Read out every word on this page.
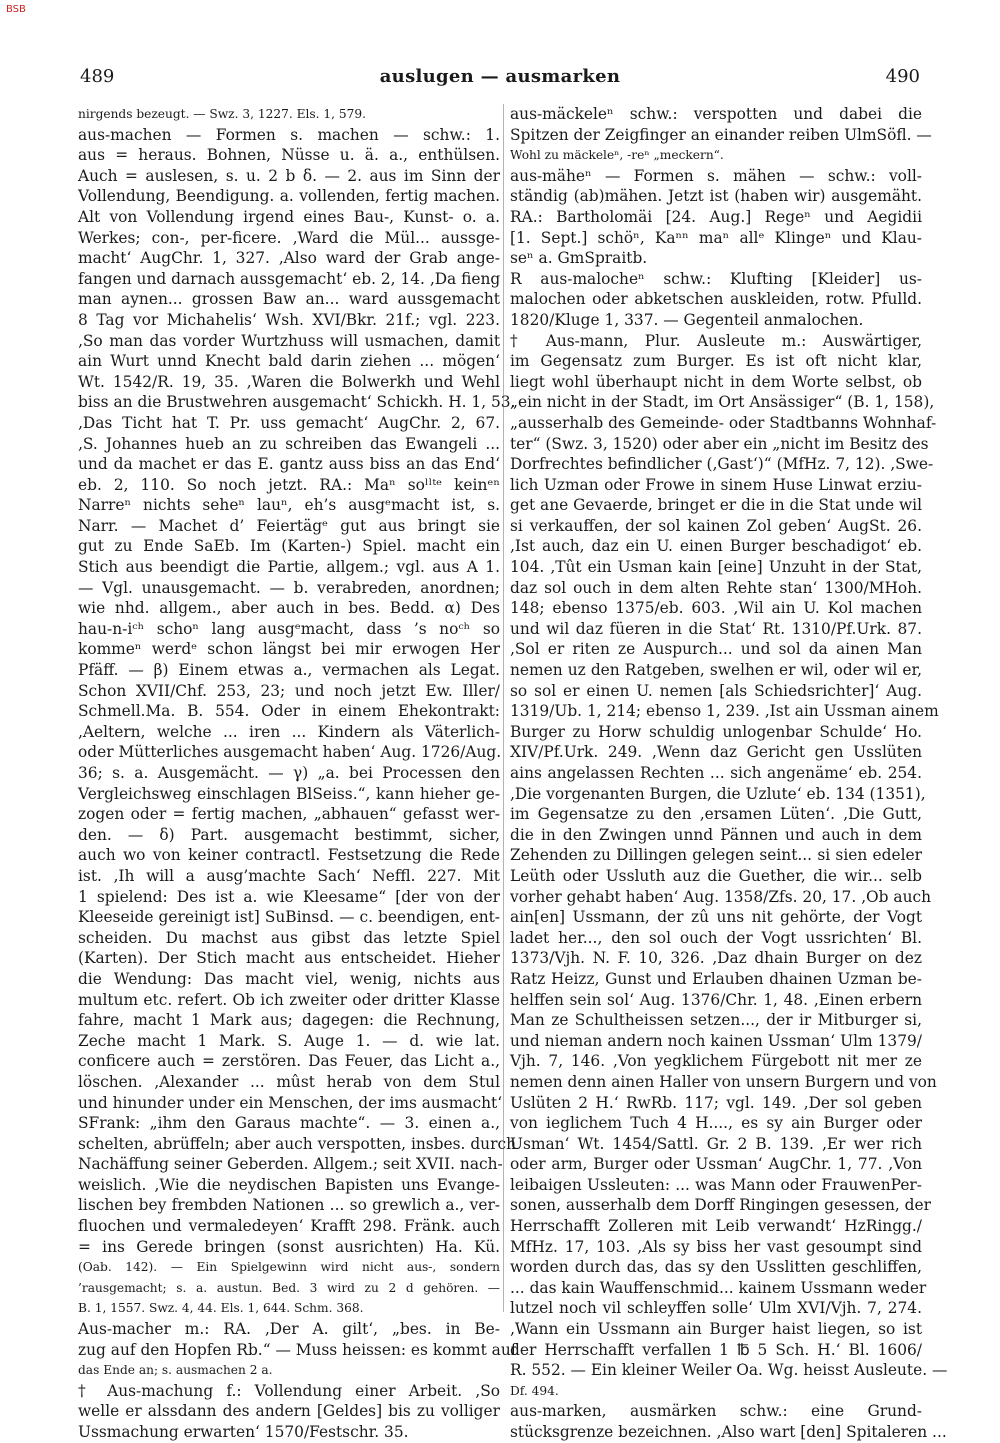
BSB
489	auslugen — ausmarken	490
nirgends bezeugt. — Swz. 3, 1227. Els. 1, 579.
aus-machen — Formen s. machen — schw.: 1.
aus = heraus. Bohnen, Nüsse u. ä. a., enthülsen.
Auch = auslesen, s. u. 2 b ẟ. — 2. aus im Sinn der
Vollendung, Beendigung. a. vollenden, fertig machen.
Alt von Vollendung irgend eines Bau-, Kunst- o. a.
Werkes; con-, per-ficere. ‚Ward die Mül... aussge-
macht‘ AugChr. 1, 327. ‚Also ward der Grab ange-
fangen und darnach aussgemacht‘ eb. 2, 14. ‚Da fieng
man aynen... grossen Baw an... ward aussgemacht
8 Tag vor Michahelis‘ Wsh. XVI/Bkr. 21f.; vgl. 223.
‚So man das vorder Wurtzhuss will usmachen, damit
ain Wurt unnd Knecht bald darin ziehen ... mögen‘
Wt. 1542/R. 19, 35. ‚Waren die Bolwerkh und Wehl
biss an die Brustwehren ausgemacht‘ Schickh. H. 1, 53.
‚Das Ticht hat T. Pr. uss gemacht‘ AugChr. 2, 67.
‚S. Johannes hueb an zu schreiben das Ewangeli ...
und da machet er das E. gantz auss biss an das End‘
eb. 2, 110. So noch jetzt. RA.: Maⁿ soˡˡᵗᵉ keinᵉⁿ
Narreⁿ nichts seheⁿ lauⁿ, eh’s ausgᵉmacht ist, s.
Narr. — Machet d’ Feiertägᵉ gut aus bringt sie
gut zu Ende SaEb. Im (Karten-) Spiel. macht ein
Stich aus beendigt die Partie, allgem.; vgl. aus A 1.
— Vgl. unausgemacht. — b. verabreden, anordnen;
wie nhd. allgem., aber auch in bes. Bedd. α) Des
hau-n-iᶜʰ schoⁿ lang ausgᵉmacht, dass ’s noᶜʰ so
kommeⁿ werdᵉ schon längst bei mir erwogen Her
Pfäff. — β) Einem etwas a., vermachen als Legat.
Schon XVII/Chf. 253, 23; und noch jetzt Ew. Iller/
Schmell.Ma. B. 554. Oder in einem Ehekontrakt:
‚Aeltern, welche ... iren ... Kindern als Väterlich-
oder Mütterliches ausgemacht haben‘ Aug. 1726/Aug.
36; s. a. Ausgemächt. — γ) „a. bei Processen den
Vergleichsweg einschlagen BlSeiss.“, kann hieher ge-
zogen oder = fertig machen, „abhauen“ gefasst wer-
den. — ẟ) Part. ausgemacht bestimmt, sicher,
auch wo von keiner contractl. Festsetzung die Rede
ist. ‚Ih will a ausg’machte Sach‘ Neffl. 227. Mit
1 spielend: Des ist a. wie Kleesame“ [der von der
Kleeseide gereinigt ist] SuBinsd. — c. beendigen, ent-
scheiden. Du machst aus gibst das letzte Spiel
(Karten). Der Stich macht aus entscheidet. Hieher
die Wendung: Das macht viel, wenig, nichts aus
multum etc. refert. Ob ich zweiter oder dritter Klasse
fahre, macht 1 Mark aus; dagegen: die Rechnung,
Zeche macht 1 Mark. S. Auge 1. — d. wie lat.
conficere auch = zerstören. Das Feuer, das Licht a.,
löschen. ‚Alexander ... mûst herab von dem Stul
und hinunder under ein Menschen, der ims ausmacht‘
SFrank: „ihm den Garaus machte“. — 3. einen a.,
schelten, abrüffeln; aber auch verspotten, insbes. durch
Nachäffung seiner Geberden. Allgem.; seit XVII. nach-
weislich. ‚Wie die neydischen Bapisten uns Evange-
lischen bey frembden Nationen ... so grewlich a., ver-
fluochen und vermaledeyen‘ Krafft 298. Fränk. auch
= ins Gerede bringen (sonst ausrichten) Ha. Kü.
(Oab. 142). — Ein Spielgewinn wird nicht aus-, sondern
’rausgemacht; s. a. austun. Bed. 3 wird zu 2 d gehören. —
B. 1, 1557. Swz. 4, 44. Els. 1, 644. Schm. 368.
Aus-macher m.: RA. ‚Der A. gilt‘, „bes. in Be-
zug auf den Hopfen Rb.“ — Muss heissen: es kommt auf
das Ende an; s. ausmachen 2 a.
† Aus-machung f.: Vollendung einer Arbeit. ‚So
welle er alssdann des andern [Geldes] bis zu volliger
Ussmachung erwarten‘ 1570/Festschr. 35.
aus-mäckeleⁿ schw.: verspotten und dabei die
Spitzen der Zeigfinger an einander reiben UlmSöfl. —
Wohl zu mäckeleⁿ, -reⁿ „meckern“.
aus-mäheⁿ — Formen s. mähen — schw.: voll-
ständig (ab)mähen. Jetzt ist (haben wir) ausgemäht.
RA.: Bartholomäi [24. Aug.] Regeⁿ und Aegidii
[1. Sept.] schöⁿ, Kaⁿⁿ maⁿ allᵉ Klingeⁿ und Klau-
seⁿ a. GmSpraitb.
R aus-malocheⁿ schw.: Klufting [Kleider] us-
malochen oder abketschen auskleiden, rotw. Pfulld.
1820/Kluge 1, 337. — Gegenteil anmalochen.
† Aus-mann, Plur. Ausleute m.: Auswärtiger,
im Gegensatz zum Burger. Es ist oft nicht klar,
liegt wohl überhaupt nicht in dem Worte selbst, ob
„ein nicht in der Stadt, im Ort Ansässiger“ (B. 1, 158),
„ausserhalb des Gemeinde- oder Stadtbanns Wohnhaf-
ter“ (Swz. 3, 1520) oder aber ein „nicht im Besitz des
Dorfrechtes befindlicher (‚Gast‘)“ (MfHz. 7, 12). ‚Swe-
lich Uzman oder Frowe in sinem Huse Linwat erziu-
get ane Gevaerde, bringet er die in die Stat unde wil
si verkauffen, der sol kainen Zol geben‘ AugSt. 26.
‚Ist auch, daz ein U. einen Burger beschadigot‘ eb.
104. ‚Tût ein Usman kain [eine] Unzuht in der Stat,
daz sol ouch in dem alten Rehte stan‘ 1300/MHoh.
148; ebenso 1375/eb. 603. ‚Wil ain U. Kol machen
und wil daz füeren in die Stat‘ Rt. 1310/Pf.Urk. 87.
‚Sol er riten ze Auspurch... und sol da ainen Man
nemen uz den Ratgeben, swelhen er wil, oder wil er,
so sol er einen U. nemen [als Schiedsrichter]‘ Aug.
1319/Ub. 1, 214; ebenso 1, 239. ‚Ist ain Ussman ainem
Burger zu Horw schuldig unlogenbar Schulde‘ Ho.
XIV/Pf.Urk. 249. ‚Wenn daz Gericht gen Usslüten
ains angelassen Rechten ... sich angenäme‘ eb. 254.
‚Die vorgenanten Burgen, die Uzlute‘ eb. 134 (1351),
im Gegensatze zu den ‚ersamen Lüten‘. ‚Die Gutt,
die in den Zwingen unnd Pännen und auch in dem
Zehenden zu Dillingen gelegen seint... si sien edeler
Leüth oder Ussluth auz die Guether, die wir... selb
vorher gehabt haben‘ Aug. 1358/Zfs. 20, 17. ‚Ob auch
ain[en] Ussmann, der zû uns nit gehörte, der Vogt
ladet her..., den sol ouch der Vogt ussrichten‘ Bl.
1373/Vjh. N. F. 10, 326. ‚Daz dhain Burger on dez
Ratz Heizz, Gunst und Erlauben dhainen Uzman be-
helffen sein sol‘ Aug. 1376/Chr. 1, 48. ‚Einen erbern
Man ze Schultheissen setzen..., der ir Mitburger si,
und nieman andern noch kainen Ussman‘ Ulm 1379/
Vjh. 7, 146. ‚Von yegklichem Fürgebott nit mer ze
nemen denn ainen Haller von unsern Burgern und von
Uslüten 2 H.‘ RwRb. 117; vgl. 149. ‚Der sol geben
von ieglichem Tuch 4 H...., es sy ain Burger oder
Usman‘ Wt. 1454/Sattl. Gr. 2 B. 139. ‚Er wer rich
oder arm, Burger oder Ussman‘ AugChr. 1, 77. ‚Von
leibaigen Ussleuten: ... was Mann oder FrauwenPer-
sonen, ausserhalb dem Dorff Ringingen gesessen, der
Herrschafft Zolleren mit Leib verwandt‘ HzRingg./
MfHz. 17, 103. ‚Als sy biss her vast gesoumpt sind
worden durch das, das sy den Usslitten geschliffen,
... das kain Wauffenschmid... kainem Ussmann weder
lutzel noch vil schleyffen solle‘ Ulm XVI/Vjh. 7, 274.
‚Wann ein Ussmann ain Burger haist liegen, so ist
der Herrschafft verfallen 1 ℔ 5 Sch. H.‘ Bl. 1606/
R. 552. — Ein kleiner Weiler Oa. Wg. heisst Ausleute. —
Df. 494.
aus-marken, ausmärken schw.: eine Grund-
stücksgrenze bezeichnen. ‚Also wart [den] Spitaleren ...
